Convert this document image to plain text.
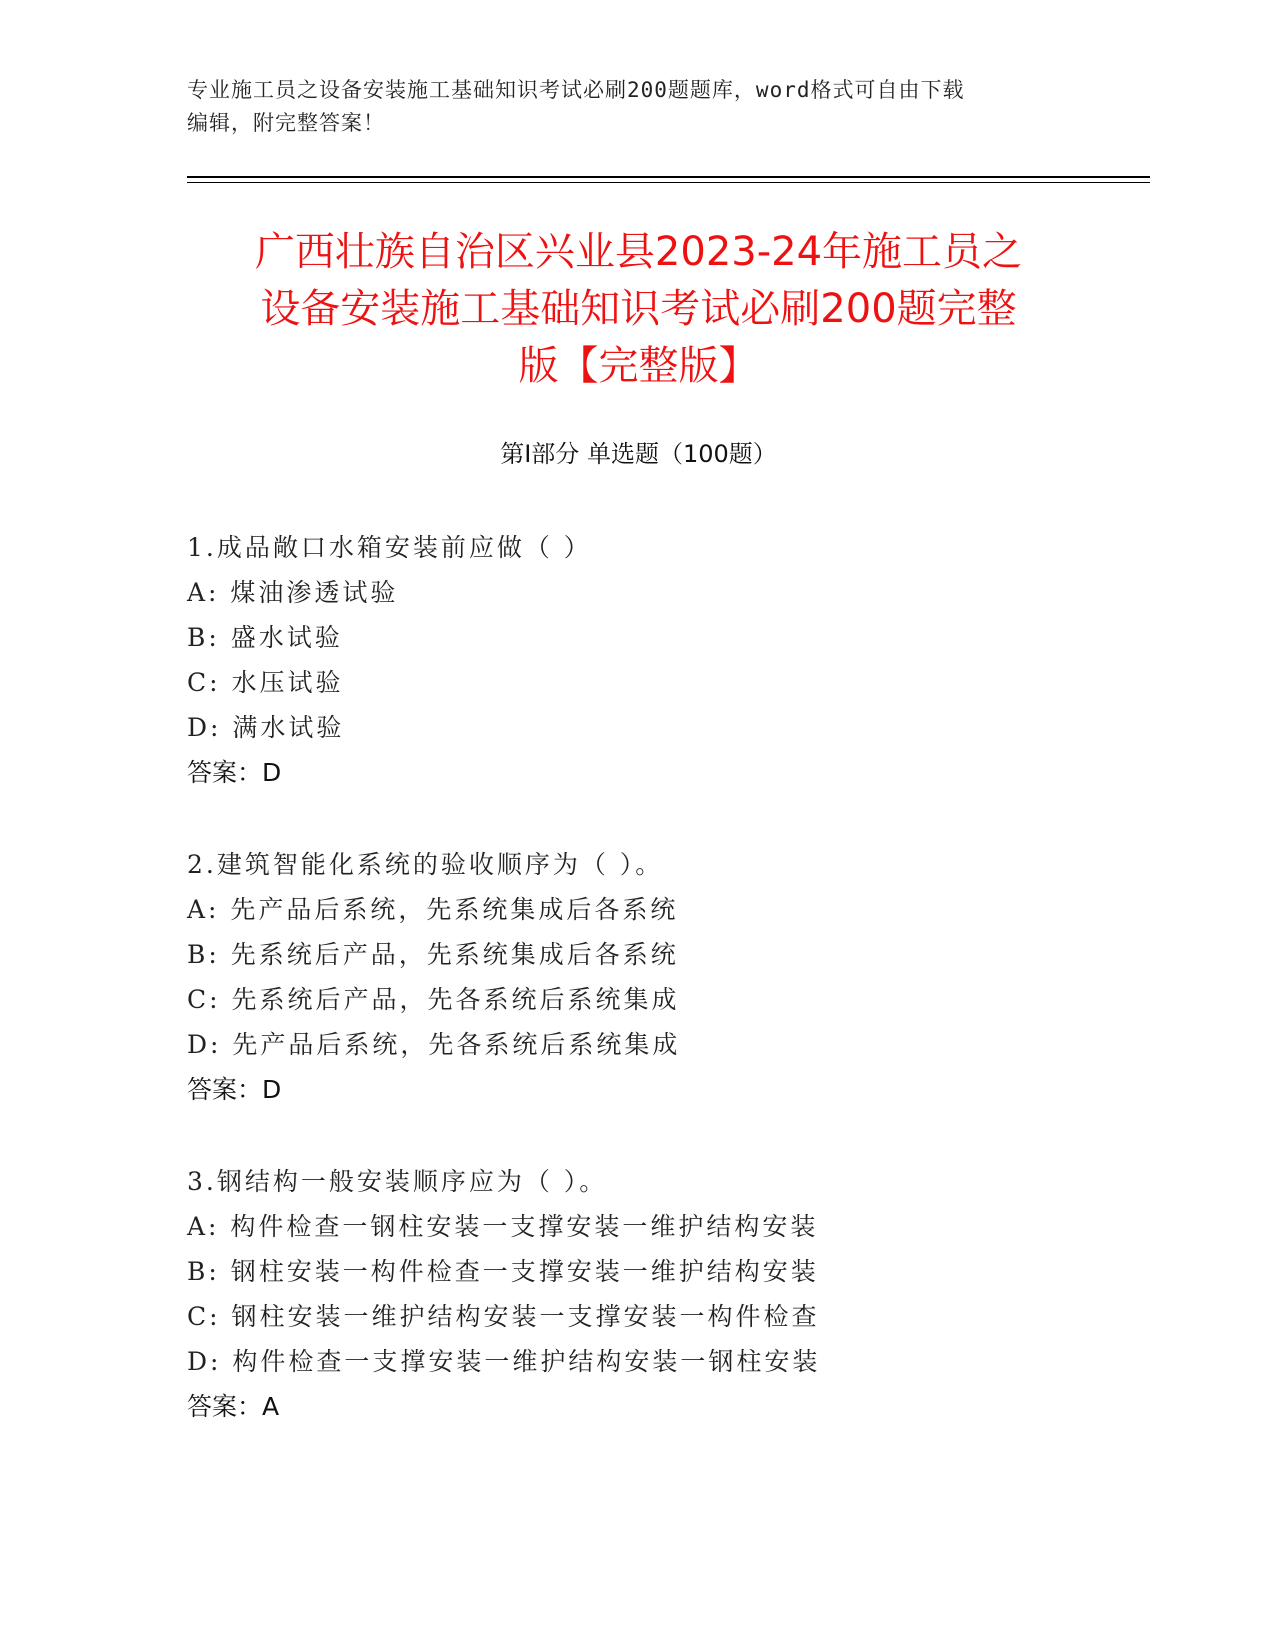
专业施工员之设备安装施工基础知识考试必刷200题题库，word格式可自由下载
编辑，附完整答案！
广西壮族自治区兴业县2023-24年施工员之
设备安装施工基础知识考试必刷200题完整
版【完整版】
第Ⅰ部分 单选题（100题）
1.成品敞口水箱安装前应做（ ）
A: 煤油渗透试验
B: 盛水试验
C: 水压试验
D: 满水试验
答案：D
2.建筑智能化系统的验收顺序为（ ）。
A: 先产品后系统，先系统集成后各系统
B: 先系统后产品，先系统集成后各系统
C: 先系统后产品，先各系统后系统集成
D: 先产品后系统，先各系统后系统集成
答案：D
3.钢结构一般安装顺序应为（ ）。
A: 构件检查一钢柱安装一支撑安装一维护结构安装
B: 钢柱安装一构件检查一支撑安装一维护结构安装
C: 钢柱安装一维护结构安装一支撑安装一构件检查
D: 构件检查一支撑安装一维护结构安装一钢柱安装
答案：A
